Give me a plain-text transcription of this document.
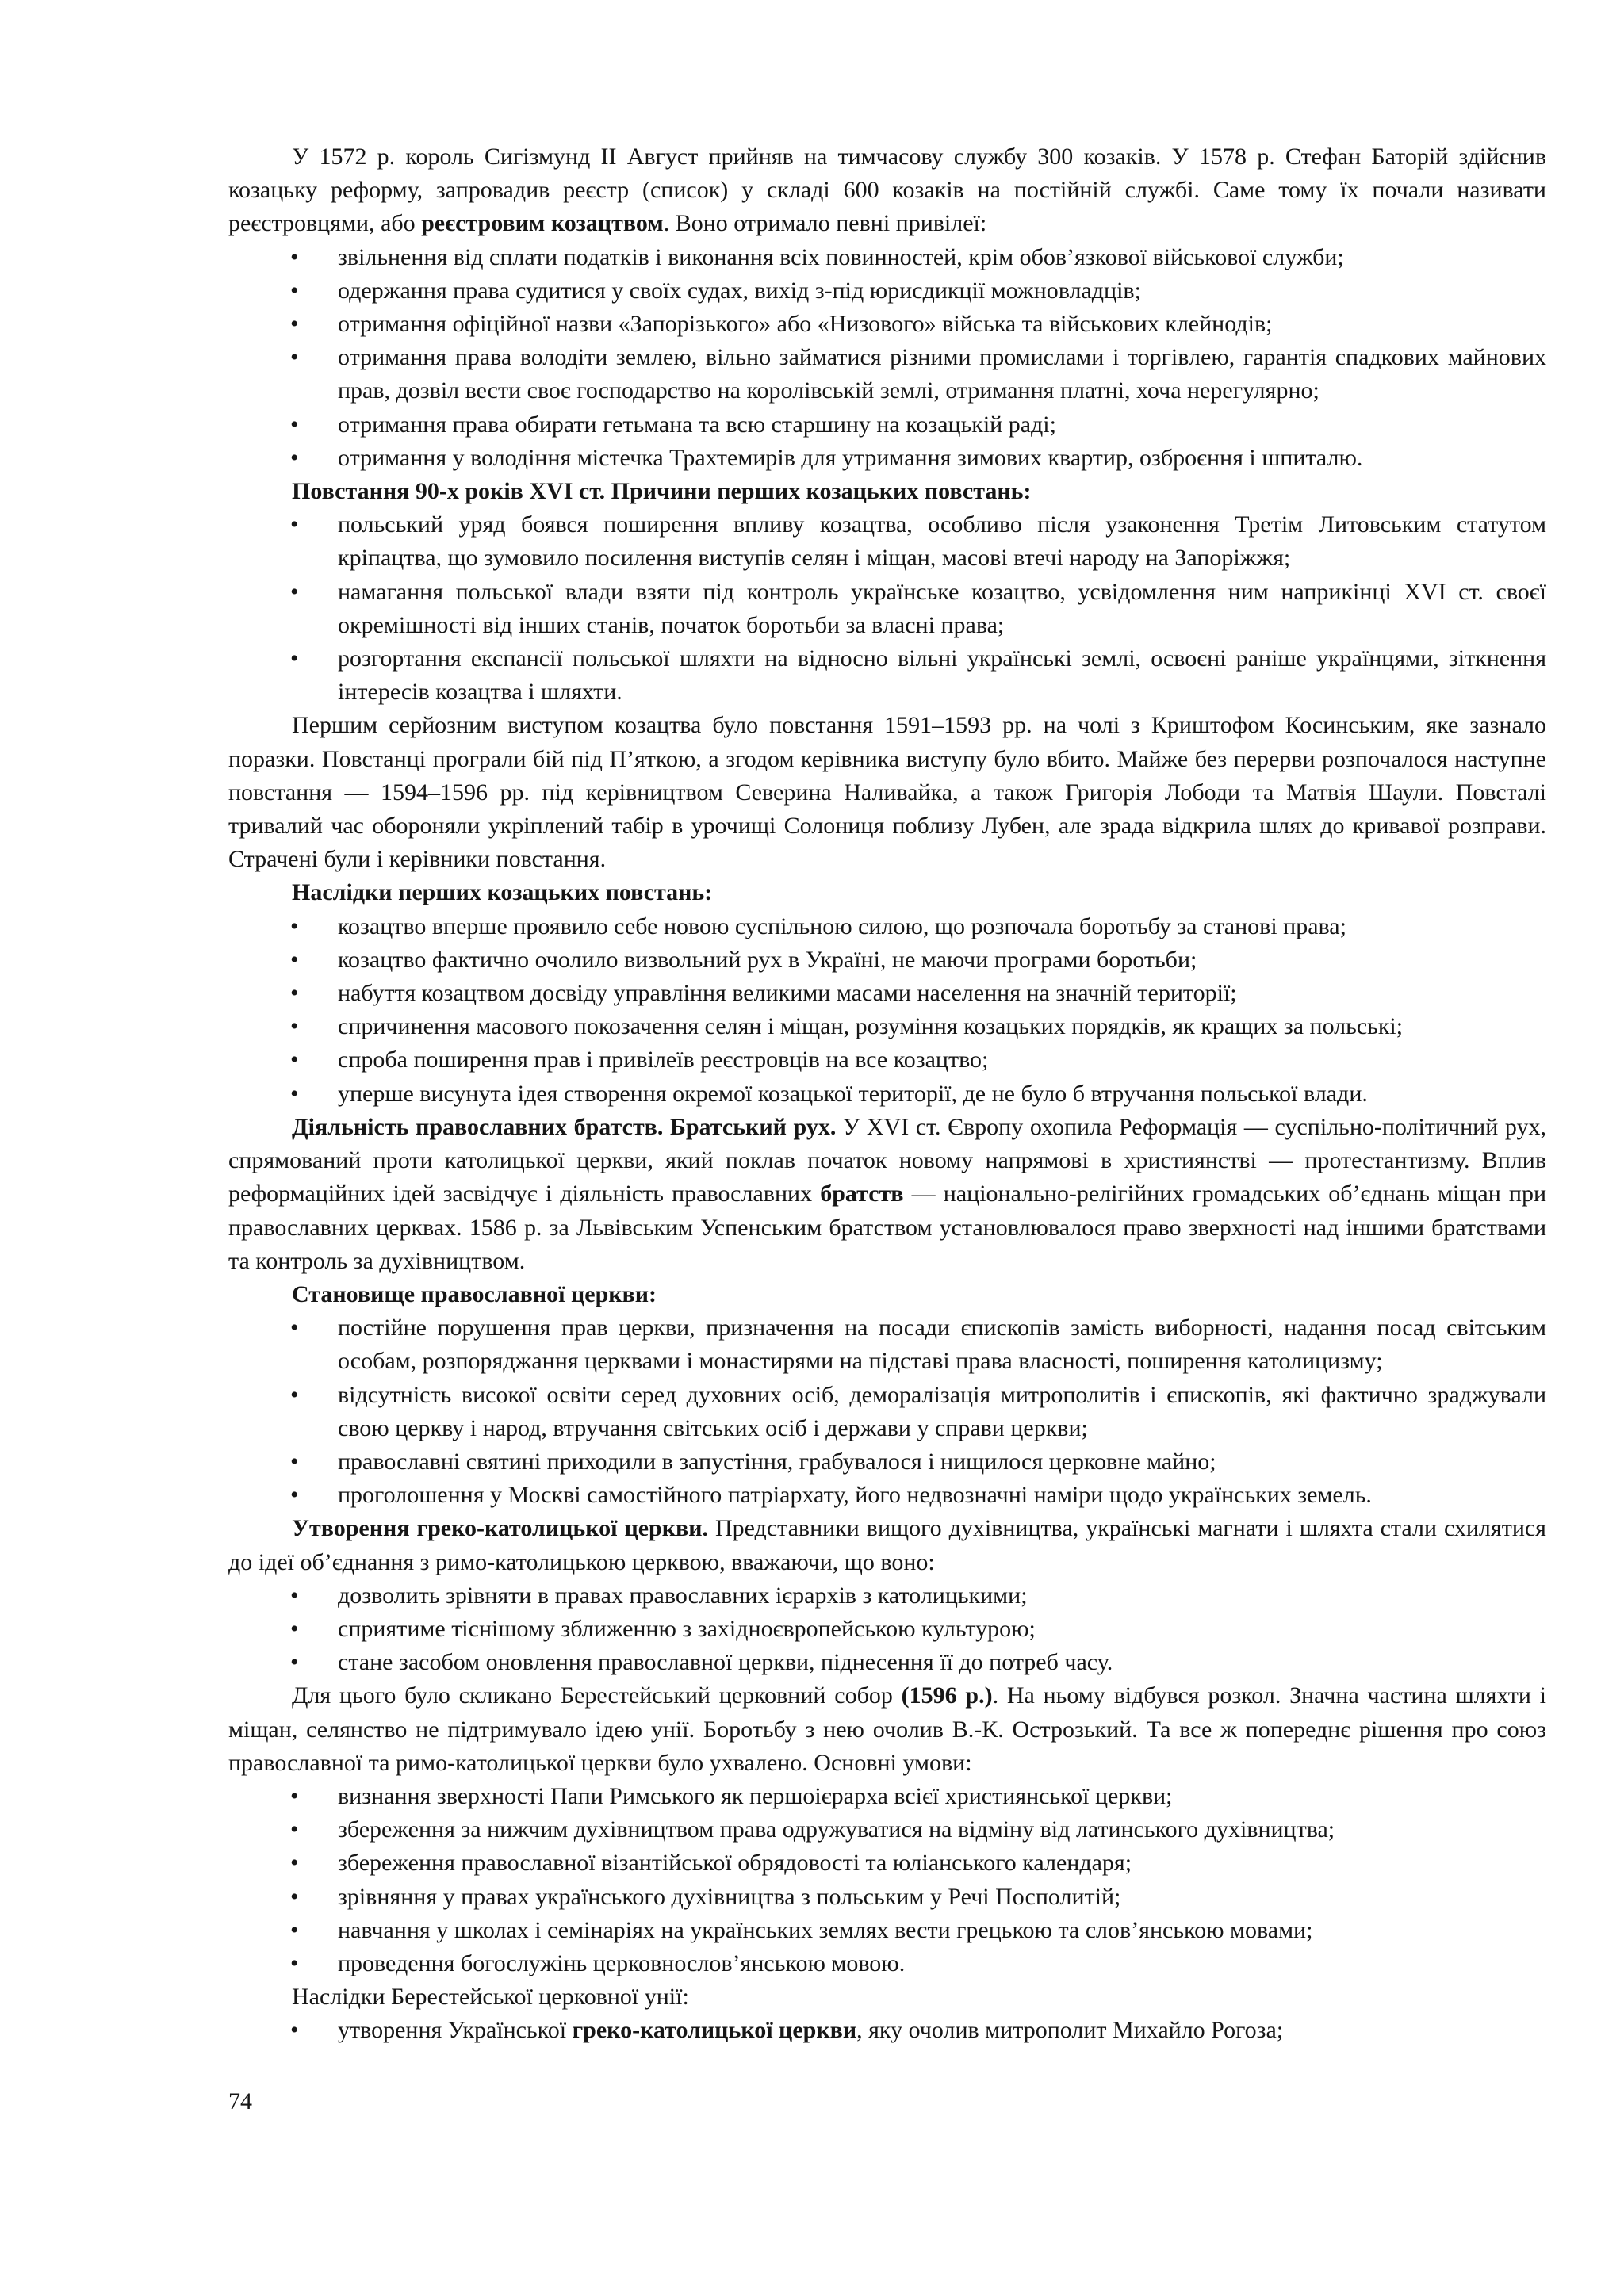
У 1572 р. король Сигізмунд ІІ Август прийняв на тимчасову службу 300 козаків. У 1578 р. Стефан Баторій здійснив козацьку реформу, запровадив реєстр (список) у складі 600 козаків на постійній службі. Саме тому їх почали називати реєстровцями, або реєстровим козацтвом. Воно отримало певні привілеї:

• звільнення від сплати податків і виконання всіх повинностей, крім обов’язкової військової служби;
• одержання права судитися у своїх судах, вихід з-під юрисдикції можновладців;
• отримання офіційної назви «Запорізького» або «Низового» війська та військових клейнодів;
• отримання права володіти землею, вільно займатися різними промислами і торгівлею, гарантія спадкових майнових прав, дозвіл вести своє господарство на королівській землі, отримання платні, хоча нерегулярно;
• отримання права обирати гетьмана та всю старшину на козацькій раді;
• отримання у володіння містечка Трахтемирів для утримання зимових квартир, озброєння і шпиталю.

Повстання 90-х років XVI ст. Причини перших козацьких повстань:

• польський уряд боявся поширення впливу козацтва, особливо після узаконення Третім Литовським статутом кріпацтва, що зумовило посилення виступів селян і міщан, масові втечі народу на Запоріжжя;
• намагання польської влади взяти під контроль українське козацтво, усвідомлення ним наприкінці XVI ст. своєї окремішності від інших станів, початок боротьби за власні права;
• розгортання експансії польської шляхти на відносно вільні українські землі, освоєні раніше українцями, зіткнення інтересів козацтва і шляхти.

Першим серйозним виступом козацтва було повстання 1591–1593 рр. на чолі з Криштофом Косинським, яке зазнало поразки. Повстанці програли бій під П’яткою, а згодом керівника виступу було вбито. Майже без перерви розпочалося наступне повстання — 1594–1596 рр. під керівництвом Северина Наливайка, а також Григорія Лободи та Матвія Шаули. Повсталі тривалий час обороняли укріплений табір в урочищі Солониця поблизу Лубен, але зрада відкрила шлях до кривавої розправи. Страчені були і керівники повстання.

Наслідки перших козацьких повстань:

• козацтво вперше проявило себе новою суспільною силою, що розпочала боротьбу за станові права;
• козацтво фактично очолило визвольний рух в Україні, не маючи програми боротьби;
• набуття козацтвом досвіду управління великими масами населення на значній території;
• спричинення масового покозачення селян і міщан, розуміння козацьких порядків, як кращих за польські;
• спроба поширення прав і привілеїв реєстровців на все козацтво;
• уперше висунута ідея створення окремої козацької території, де не було б втручання польської влади.

Діяльність православних братств. Братський рух. У XVI ст. Європу охопила Реформація — суспільно-політичний рух, спрямований проти католицької церкви, який поклав початок новому напрямові в християнстві — протестантизму. Вплив реформаційних ідей засвідчує і діяльність православних братств — національно-релігійних громадських об’єднань міщан при православних церквах. 1586 р. за Львівським Успенським братством установлювалося право зверхності над іншими братствами та контроль за духівництвом.

Становище православної церкви:

• постійне порушення прав церкви, призначення на посади єпископів замість виборності, надання посад світським особам, розпоряджання церквами і монастирями на підставі права власності, поширення католицизму;
• відсутність високої освіти серед духовних осіб, деморалізація митрополитів і єпископів, які фактично зраджували свою церкву і народ, втручання світських осіб і держави у справи церкви;
• православні святині приходили в запустіння, грабувалося і нищилося церковне майно;
• проголошення у Москві самостійного патріархату, його недвозначні наміри щодо українських земель.

Утворення греко-католицької церкви. Представники вищого духівництва, українські магнати і шляхта стали схилятися до ідеї об’єднання з римо-католицькою церквою, вважаючи, що воно:

• дозволить зрівняти в правах православних ієрархів з католицькими;
• сприятиме тіснішому зближенню з західноєвропейською культурою;
• стане засобом оновлення православної церкви, піднесення її до потреб часу.

Для цього було скликано Берестейський церковний собор (1596 р.). На ньому відбувся розкол. Значна частина шляхти і міщан, селянство не підтримувало ідею унії. Боротьбу з нею очолив В.-К. Острозький. Та все ж попереднє рішення про союз православної та римо-католицької церкви було ухвалено. Основні умови:

• визнання зверхності Папи Римського як першоієрарха всієї християнської церкви;
• збереження за нижчим духівництвом права одружуватися на відміну від латинського духівництва;
• збереження православної візантійської обрядовості та юліанського календаря;
• зрівняння у правах українського духівництва з польським у Речі Посполитій;
• навчання у школах і семінаріях на українських землях вести грецькою та слов’янською мовами;
• проведення богослужінь церковнослов’янською мовою.

Наслідки Берестейської церковної унії:

• утворення Української греко-католицької церкви, яку очолив митрополит Михайло Рогоза;
74
